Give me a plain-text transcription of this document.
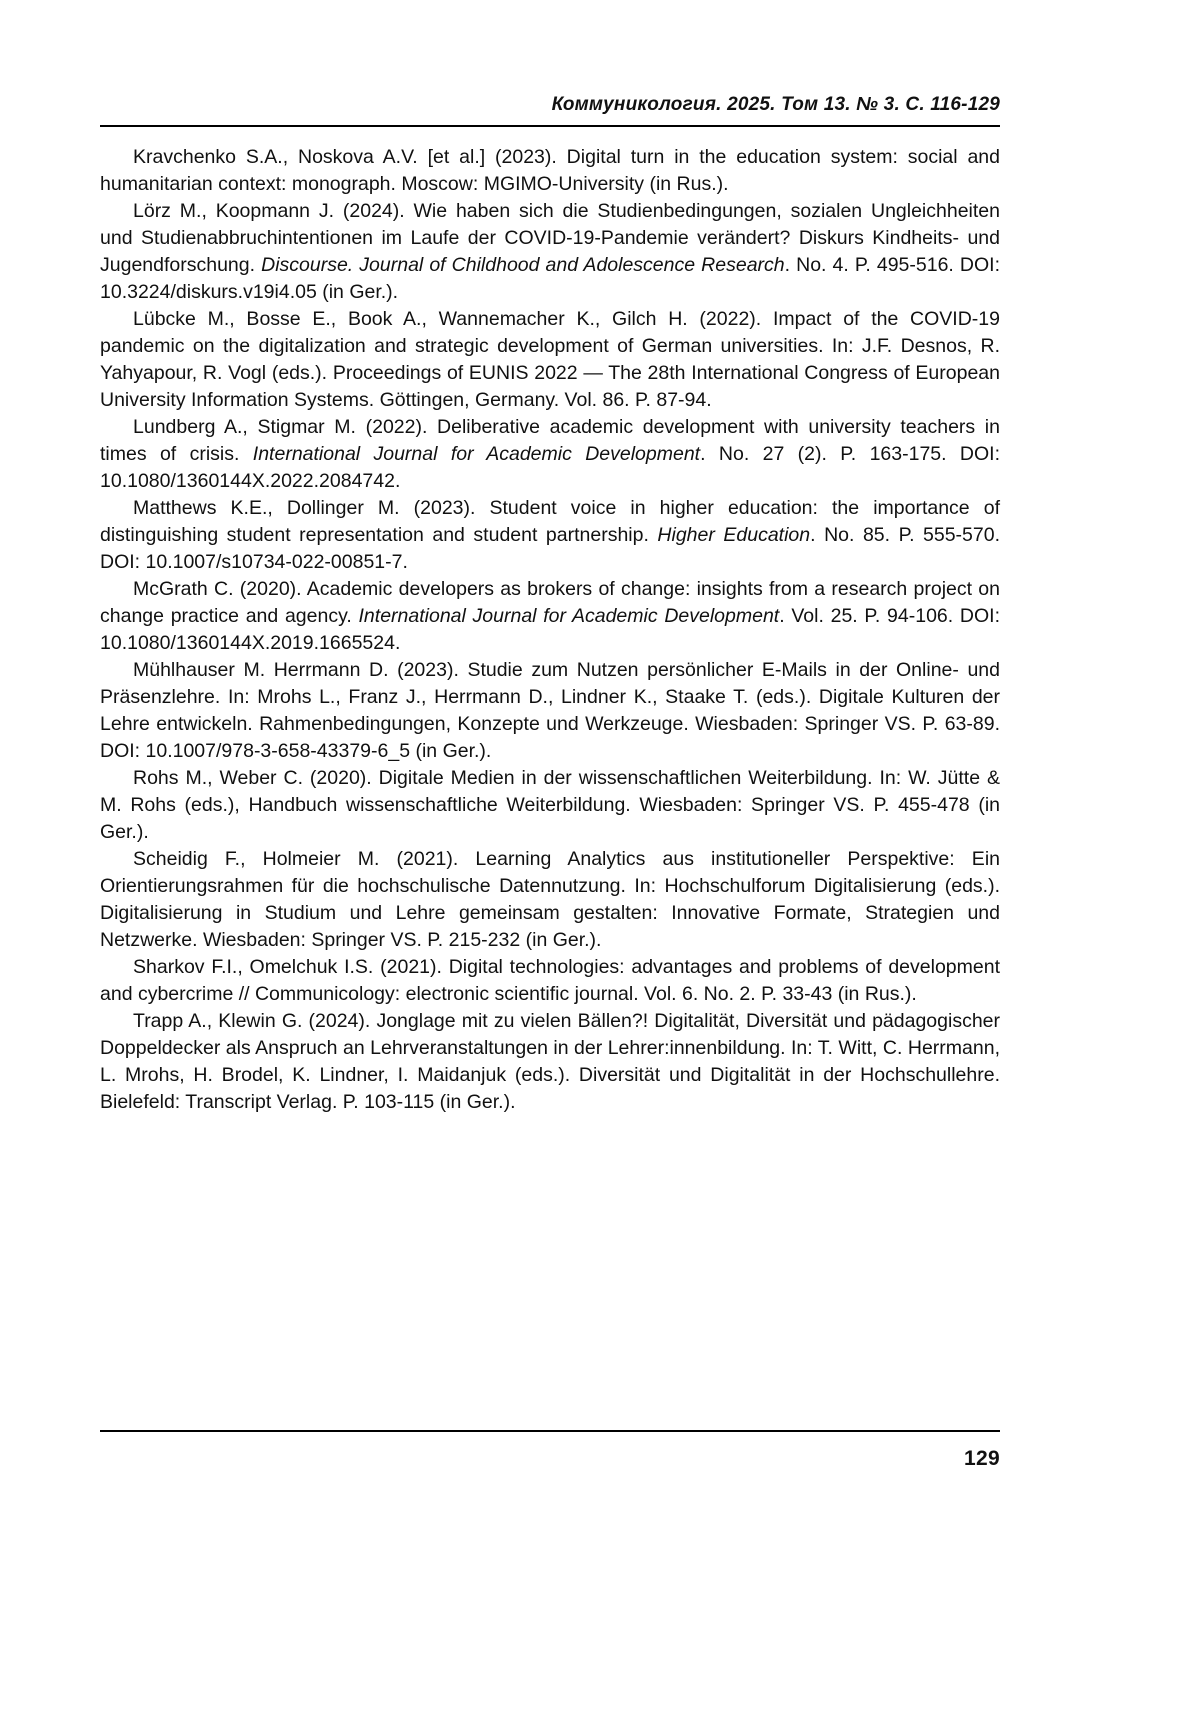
Коммуникология. 2025. Том 13. № 3. С. 116-129

Kravchenko S.A., Noskova A.V. [et al.] (2023). Digital turn in the education system: social and humanitarian context: monograph. Moscow: MGIMO-University (in Rus.).

Lörz M., Koopmann J. (2024). Wie haben sich die Studienbedingungen, sozialen Ungleichheiten und Studienabbruchintentionen im Laufe der COVID-19-Pandemie verändert? Diskurs Kindheits- und Jugendforschung. Discourse. Journal of Childhood and Adolescence Research. No. 4. P. 495-516. DOI: 10.3224/diskurs.v19i4.05 (in Ger.).

Lübcke M., Bosse E., Book A., Wannemacher K., Gilch H. (2022). Impact of the COVID-19 pandemic on the digitalization and strategic development of German universities. In: J.F. Desnos, R. Yahyapour, R. Vogl (eds.). Proceedings of EUNIS 2022 — The 28th International Congress of European University Information Systems. Göttingen, Germany. Vol. 86. P. 87-94.

Lundberg A., Stigmar M. (2022). Deliberative academic development with university teachers in times of crisis. International Journal for Academic Development. No. 27 (2). P. 163-175. DOI: 10.1080/1360144X.2022.2084742.

Matthews K.E., Dollinger M. (2023). Student voice in higher education: the importance of distinguishing student representation and student partnership. Higher Education. No. 85. P. 555-570. DOI: 10.1007/s10734-022-00851-7.

McGrath C. (2020). Academic developers as brokers of change: insights from a research project on change practice and agency. International Journal for Academic Development. Vol. 25. P. 94-106. DOI: 10.1080/1360144X.2019.1665524.

Mühlhauser M. Herrmann D. (2023). Studie zum Nutzen persönlicher E-Mails in der Online- und Präsenzlehre. In: Mrohs L., Franz J., Herrmann D., Lindner K., Staake T. (eds.). Digitale Kulturen der Lehre entwickeln. Rahmenbedingungen, Konzepte und Werkzeuge. Wiesbaden: Springer VS. P. 63-89. DOI: 10.1007/978-3-658-43379-6_5 (in Ger.).

Rohs M., Weber C. (2020). Digitale Medien in der wissenschaftlichen Weiterbildung. In: W. Jütte & M. Rohs (eds.), Handbuch wissenschaftliche Weiterbildung. Wiesbaden: Springer VS. P. 455-478 (in Ger.).

Scheidig F., Holmeier M. (2021). Learning Analytics aus institutioneller Perspektive: Ein Orientierungsrahmen für die hochschulische Datennutzung. In: Hochschulforum Digitalisierung (eds.). Digitalisierung in Studium und Lehre gemeinsam gestalten: Innovative Formate, Strategien und Netzwerke. Wiesbaden: Springer VS. P. 215-232 (in Ger.).

Sharkov F.I., Omelchuk I.S. (2021). Digital technologies: advantages and problems of development and cybercrime // Communicology: electronic scientific journal. Vol. 6. No. 2. P. 33-43 (in Rus.).

Trapp A., Klewin G. (2024). Jonglage mit zu vielen Bällen?! Digitalität, Diversität und pädagogischer Doppeldecker als Anspruch an Lehrveranstaltungen in der Lehrer:innenbildung. In: T. Witt, C. Herrmann, L. Mrohs, H. Brodel, K. Lindner, I. Maidanjuk (eds.). Diversität und Digitalität in der Hochschullehre. Bielefeld: Transcript Verlag. P. 103-115 (in Ger.).

129
